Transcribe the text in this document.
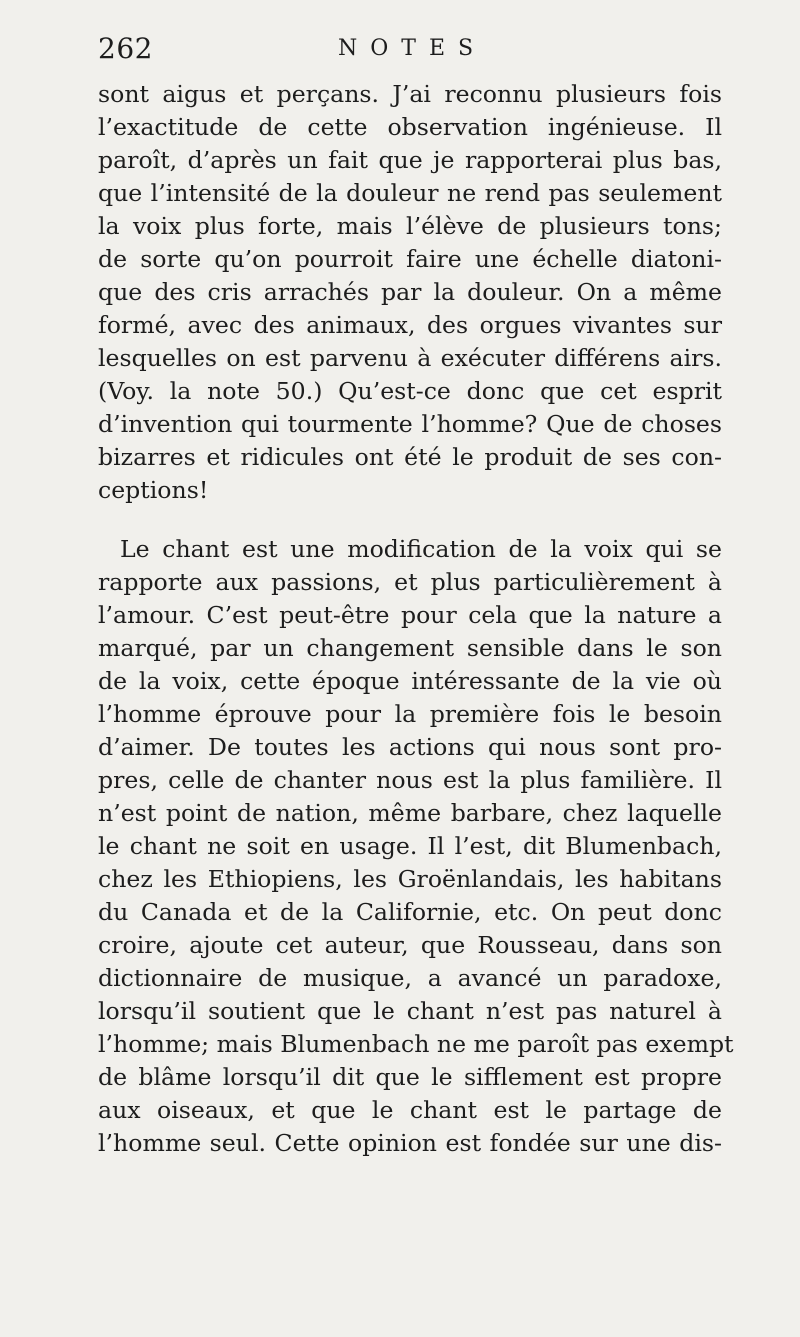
262	NOTES
sont aigus et perçans. J’ai reconnu plusieurs fois
l’exactitude de cette observation ingénieuse. Il
paroît, d’après un fait que je rapporterai plus bas,
que l’intensité de la douleur ne rend pas seulement
la voix plus forte, mais l’élève de plusieurs tons;
de sorte qu’on pourroit faire une échelle diatoni-
que des cris arrachés par la douleur. On a même
formé, avec des animaux, des orgues vivantes sur
lesquelles on est parvenu à exécuter différens airs.
(Voy. la note 50.) Qu’est-ce donc que cet esprit
d’invention qui tourmente l’homme? Que de choses
bizarres et ridicules ont été le produit de ses con-
ceptions!
Le chant est une modification de la voix qui se
rapporte aux passions, et plus particulièrement à
l’amour. C’est peut-être pour cela que la nature a
marqué, par un changement sensible dans le son
de la voix, cette époque intéressante de la vie où
l’homme éprouve pour la première fois le besoin
d’aimer. De toutes les actions qui nous sont pro-
pres, celle de chanter nous est la plus familière. Il
n’est point de nation, même barbare, chez laquelle
le chant ne soit en usage. Il l’est, dit Blumenbach,
chez les Ethiopiens, les Groënlandais, les habitans
du Canada et de la Californie, etc. On peut donc
croire, ajoute cet auteur, que Rousseau, dans son
dictionnaire de musique, a avancé un paradoxe,
lorsqu’il soutient que le chant n’est pas naturel à
l’homme; mais Blumenbach ne me paroît pas exempt
de blâme lorsqu’il dit que le sifflement est propre
aux oiseaux, et que le chant est le partage de
l’homme seul. Cette opinion est fondée sur une dis-
